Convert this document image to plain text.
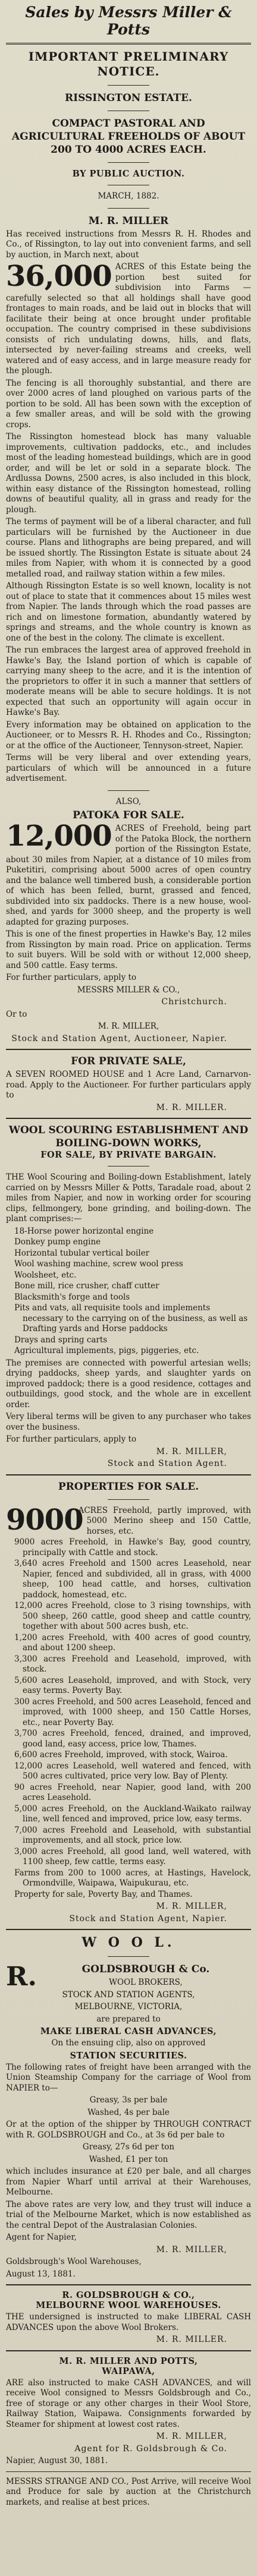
Sales by Messrs Miller & Potts
IMPORTANT PRELIMINARY
NOTICE.
RISSINGTON ESTATE.
COMPACT PASTORAL AND AGRICULTURAL FREEHOLDS OF ABOUT 200 TO 4000 ACRES EACH.
BY PUBLIC AUCTION.

MARCH, 1882.

M. R. MILLER

Has received instructions from Messrs R. H. Rhodes and Co., of Rissington, to lay out into convenient farms, and sell by auction, in March next, about

36,000 ACRES of this Estate being the portion best suited for subdivision into Farms — carefully selected so that all holdings shall have good frontages to main roads, and be laid out in blocks that will facilitate their being at once brought under profitable occupation. The country comprised in these subdivisions consists of rich undulating downs, hills, and flats, intersected by never-failing streams and creeks, well watered and of easy access, and in large measure ready for the plough.

The fencing is all thoroughly substantial, and there are over 2000 acres of land ploughed on various parts of the portion to be sold. All has been sown with the exception of a few smaller areas, and will be sold with the growing crops.

The Rissington homestead block has many valuable improvements, cultivation paddocks, etc., and includes most of the leading homestead buildings, which are in good order, and will be let or sold in a separate block. The Ardlussa Downs, 2500 acres, is also included in this block, within easy distance of the Rissington homestead, rolling downs of beautiful quality, all in grass and ready for the plough.

The terms of payment will be of a liberal character, and full particulars will be furnished by the Auctioneer in due course. Plans and lithographs are being prepared, and will be issued shortly. The Rissington Estate is situate about 24 miles from Napier, with whom it is connected by a good metalled road, and railway station within a few miles.

Although Rissington Estate is so well known, locality is not out of place to state that it commences about 15 miles west from Napier. The lands through which the road passes are rich and on limestone formation, abundantly watered by springs and streams, and the whole country is known as one of the best in the colony. The climate is excellent.

The run embraces the largest area of approved freehold in Hawke's Bay, the Island portion of which is capable of carrying many sheep to the acre, and it is the intention of the proprietors to offer it in such a manner that settlers of moderate means will be able to secure holdings. It is not expected that such an opportunity will again occur in Hawke's Bay.

Every information may be obtained on application to the Auctioneer, or to Messrs R. H. Rhodes and Co., Rissington; or at the office of the Auctioneer, Tennyson-street, Napier.

Terms will be very liberal and over extending years, particulars of which will be announced in a future advertisement.

ALSO,

PATOKA FOR SALE.
12,000 ACRES of Freehold, being part of the Patoka Block, the northern portion of the Rissington Estate, about 30 miles from Napier, at a distance of 10 miles from Puketitiri, comprising about 5000 acres of open country and the balance well timbered bush, a considerable portion of which has been felled, burnt, grassed and fenced, subdivided into six paddocks. There is a new house, wool-shed, and yards for 3000 sheep, and the property is well adapted for grazing purposes.

This is one of the finest properties in Hawke's Bay, 12 miles from Rissington by main road. Price on application. Terms to suit buyers. Will be sold with or without 12,000 sheep, and 500 cattle. Easy terms.

For further particulars, apply to

MESSRS MILLER & CO.,

Christchurch.

Or to

M. R. MILLER,

Stock and Station Agent, Auctioneer, Napier.

FOR PRIVATE SALE,

A SEVEN ROOMED HOUSE and 1 Acre Land, Carnarvon-road. Apply to the Auctioneer. For further particulars apply to

M. R. MILLER.

WOOL SCOURING ESTABLISHMENT AND BOILING-DOWN WORKS,
FOR SALE, BY PRIVATE BARGAIN.

THE Wool Scouring and Boiling-down Establishment, lately carried on by Messrs Miller & Potts, Taradale road, about 2 miles from Napier, and now in working order for scouring clips, fellmongery, bone grinding, and boiling-down. The plant comprises:—

18-Horse power horizontal engine

Donkey pump engine

Horizontal tubular vertical boiler

Wool washing machine, screw wool press

Woolsheet, etc.

Bone mill, rice crusher, chaff cutter

Blacksmith's forge and tools

Pits and vats, all requisite tools and implements necessary to the carrying on of the business, as well as Drafting yards and Horse paddocks

Drays and spring carts

Agricultural implements, pigs, piggeries, etc.

The premises are connected with powerful artesian wells; drying paddocks, sheep yards, and slaughter yards on improved paddock; there is a good residence, cottages and outbuildings, good stock, and the whole are in excellent order.

Very liberal terms will be given to any purchaser who takes over the business.

For further particulars, apply to

M. R. MILLER,

Stock and Station Agent.

PROPERTIES FOR SALE.
9000

ACRES Freehold, partly improved, with 5000 Merino sheep and 150 Cattle, horses, etc.

9000 acres Freehold, in Hawke's Bay, good country, principally with Cattle and stock.

3,640 acres Freehold and 1500 acres Leasehold, near Napier, fenced and subdivided, all in grass, with 4000 sheep, 100 head cattle, and horses, cultivation paddock, homestead, etc.

12,000 acres Freehold, close to 3 rising townships, with 500 sheep, 260 cattle, good sheep and cattle country, together with about 500 acres bush, etc.

1,200 acres Freehold, with 400 acres of good country, and about 1200 sheep.

3,300 acres Freehold and Leasehold, improved, with stock.

5,600 acres Leasehold, improved, and with Stock, very easy terms. Poverty Bay.

300 acres Freehold, and 500 acres Leasehold, fenced and improved, with 1000 sheep, and 150 Cattle Horses, etc., near Poverty Bay.

3,700 acres Freehold, fenced, drained, and improved, good land, easy access, price low, Thames.

6,600 acres Freehold, improved, with stock, Wairoa.

12,000 acres Leasehold, well watered and fenced, with 500 acres cultivated, price very low. Bay of Plenty.

90 acres Freehold, near Napier, good land, with 200 acres Leasehold.

5,000 acres Freehold, on the Auckland-Waikato railway line, well fenced and improved, price low, easy terms.

7,000 acres Freehold and Leasehold, with substantial improvements, and all stock, price low.

3,000 acres Freehold, all good land, well watered, with 1100 sheep, few cattle, terms easy.

Farms from 200 to 1000 acres, at Hastings, Havelock, Ormondville, Waipawa, Waipukurau, etc.

Property for sale, Poverty Bay, and Thames.

M. R. MILLER,

Stock and Station Agent, Napier.

W O O L.
R.	GOLDSBROUGH & Co.

WOOL BROKERS,

STOCK AND STATION AGENTS,

MELBOURNE, VICTORIA,

are prepared to

MAKE LIBERAL CASH ADVANCES,

On the ensuing clip, also on approved

STATION SECURITIES.

The following rates of freight have been arranged with the Union Steamship Company for the carriage of Wool from NAPIER to—

Greasy, 3s per bale

Washed, 4s per bale

Or at the option of the shipper by THROUGH CONTRACT with R. GOLDSBROUGH and Co., at 3s 6d per bale to

Greasy, 27s 6d per ton

Washed, £1 per ton

which includes insurance at £20 per bale, and all charges from Napier Wharf until arrival at their Warehouses, Melbourne.

The above rates are very low, and they trust will induce a trial of the Melbourne Market, which is now established as the central Depot of the Australasian Colonies.

Agent for Napier,

M. R. MILLER,

Goldsbrough's Wool Warehouses,

August 13, 1881.

R. GOLDSBROUGH & CO.,
MELBOURNE WOOL WAREHOUSES.

THE undersigned is instructed to make LIBERAL CASH ADVANCES upon the above Wool Brokers.

M. R. MILLER.

M. R. MILLER AND POTTS,
WAIPAWA,

ARE also instructed to make CASH ADVANCES, and will receive Wool consigned to Messrs Goldsbrough and Co., free of storage or any other charges in their Wool Store, Railway Station, Waipawa. Consignments forwarded by Steamer for shipment at lowest cost rates.

M. R. MILLER,

Agent for R. Goldsbrough & Co.

Napier, August 30, 1881.

MESSRS STRANGE AND CO., Post Arrive, will receive Wool and Produce for sale by auction at the Christchurch markets, and realise at best prices.
